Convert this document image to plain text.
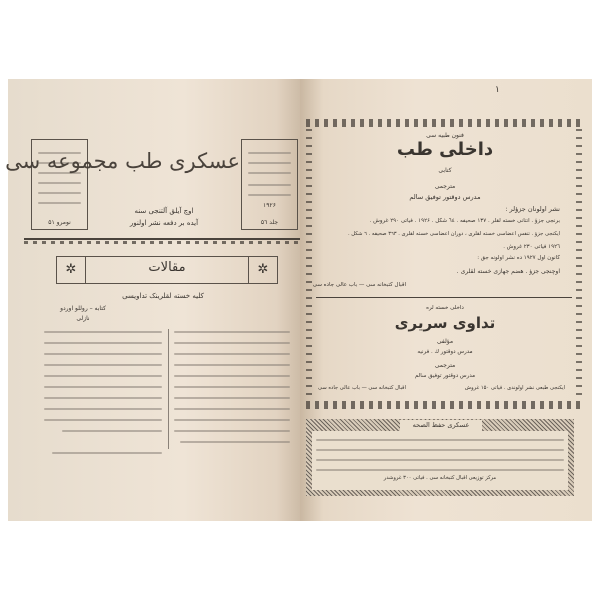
نومرو ۵۱
۱۹۲۶
جلد ۵٦
عسکری طب مجموعه سی
اوچ آیلق آلتنجی سنه
آیده بر دفعه نشر اولنور
✲	✲
مقالات
کلیه خسته لقلرینک تداویسی
کتابه – روللو اوردو
نازلی
١
فنون طبیه سی
داخلی طب
کتابی
مترجمی
مدرس دوقتور توفیق سالم
نشر اولونان جزؤلر :
برنجی جزؤ . انتانی خسته لقلر . ۱۳۷ صحیفه . ٦٤ شکل . ۱۹۲۶ . فیاتی ۲۹۰ غروش .
ایکنجی جزؤ . تنفس اعضاسی خسته لقلری ، دوران اعضاسی خسته لقلری . ۳٦۳ صحیفه . ٦ شکل .
۱۹۲٦ فیاتی ۲۳۰ غروش .
کانون اول ۱۹۲۷ ده نشر اولونه جق :
اوچنجی جزؤ . هضم جهازی خسته لقلری .
اقبال کتبخانه سی — باب عالی جاده سی
داخلی خسته لره
تداوی سریری
مؤلفی
مدرس دوقتور ك . فرنیه
مترجمی
مدرس دوقتور توفیق سالم
ایکنجی طبعی نشر اولوندی . فیاتی ۱۵۰ غروش
اقبال کتبخانه سی — باب عالی جاده سی
عسکری حفظ الصحه
مرکز توزیعی اقبال کتبخانه سی . فیاتی ۳۰۰ غروشدر
